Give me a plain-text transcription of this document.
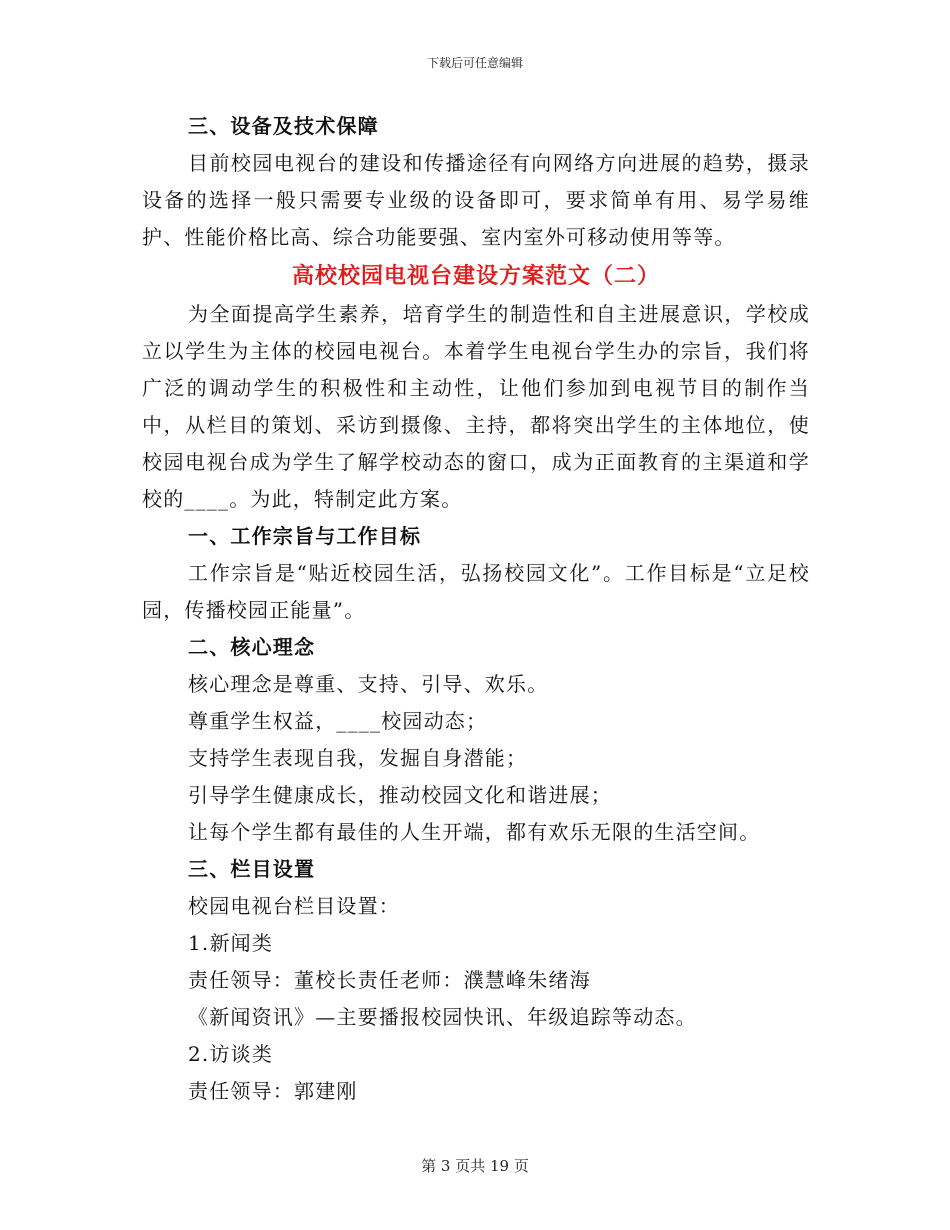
下载后可任意编辑
三、设备及技术保障
目前校园电视台的建设和传播途径有向网络方向进展的趋势，摄录设备的选择一般只需要专业级的设备即可，要求简单有用、易学易维护、性能价格比高、综合功能要强、室内室外可移动使用等等。
高校校园电视台建设方案范文（二）
为全面提高学生素养，培育学生的制造性和自主进展意识，学校成立以学生为主体的校园电视台。本着学生电视台学生办的宗旨，我们将广泛的调动学生的积极性和主动性，让他们参加到电视节目的制作当中，从栏目的策划、采访到摄像、主持，都将突出学生的主体地位，使校园电视台成为学生了解学校动态的窗口，成为正面教育的主渠道和学校的____。为此，特制定此方案。
一、工作宗旨与工作目标
工作宗旨是“贴近校园生活，弘扬校园文化”。工作目标是“立足校园，传播校园正能量”。
二、核心理念
核心理念是尊重、支持、引导、欢乐。
尊重学生权益，____校园动态；
支持学生表现自我，发掘自身潜能；
引导学生健康成长，推动校园文化和谐进展；
让每个学生都有最佳的人生开端，都有欢乐无限的生活空间。
三、栏目设置
校园电视台栏目设置：
1.新闻类
责任领导：董校长责任老师：濮慧峰朱绪海
《新闻资讯》—主要播报校园快讯、年级追踪等动态。
2.访谈类
责任领导：郭建刚
第 3 页共 19 页
